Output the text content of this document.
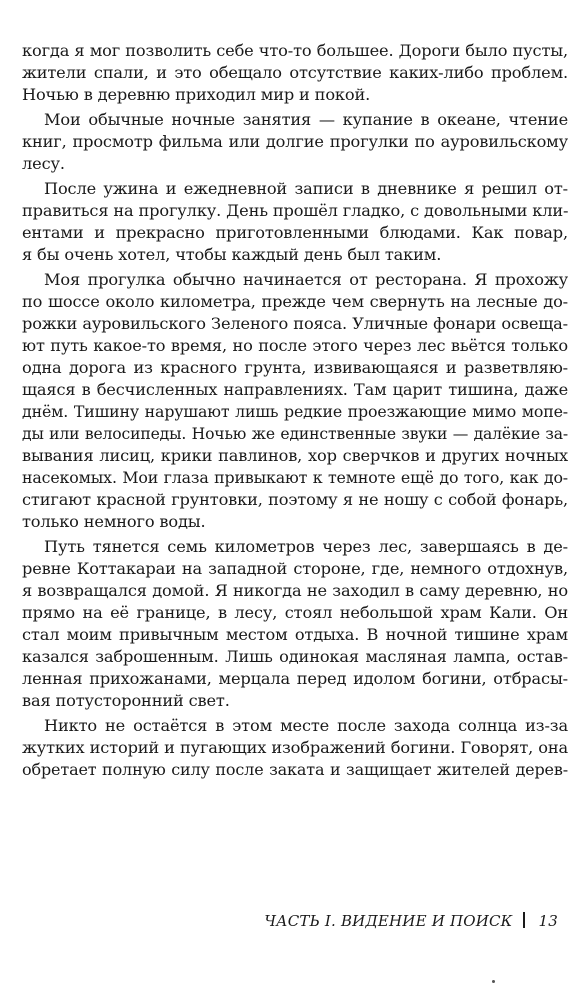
когда я мог позволить себе что-то большее. Дороги было пусты,
жители спали, и это обещало отсутствие каких-либо проблем.
Ночью в деревню приходил мир и покой.
Мои обычные ночные занятия — купание в океане, чтение
книг, просмотр фильма или долгие прогулки по ауровильскому
лесу.
После ужина и ежедневной записи в дневнике я решил от-
правиться на прогулку. День прошёл гладко, с довольными кли-
ентами и прекрасно приготовленными блюдами. Как повар,
я бы очень хотел, чтобы каждый день был таким.
Моя прогулка обычно начинается от ресторана. Я прохожу
по шоссе около километра, прежде чем свернуть на лесные до-
рожки ауровильского Зеленого пояса. Уличные фонари освеща-
ют путь какое-то время, но после этого через лес вьётся только
одна дорога из красного грунта, извивающаяся и разветвляю-
щаяся в бесчисленных направлениях. Там царит тишина, даже
днём. Тишину нарушают лишь редкие проезжающие мимо мопе-
ды или велосипеды. Ночью же единственные звуки — далёкие за-
вывания лисиц, крики павлинов, хор сверчков и других ночных
насекомых. Мои глаза привыкают к темноте ещё до того, как до-
стигают красной грунтовки, поэтому я не ношу с собой фонарь,
только немного воды.
Путь тянется семь километров через лес, завершаясь в де-
ревне Коттакараи на западной стороне, где, немного отдохнув,
я возвращался домой. Я никогда не заходил в саму деревню, но
прямо на её границе, в лесу, стоял небольшой храм Кали. Он
стал моим привычным местом отдыха. В ночной тишине храм
казался заброшенным. Лишь одинокая масляная лампа, остав-
ленная прихожанами, мерцала перед идолом богини, отбрасы-
вая потусторонний свет.
Никто не остаётся в этом месте после захода солнца из-за
жутких историй и пугающих изображений богини. Говорят, она
обретает полную силу после заката и защищает жителей дерев-
ЧАСТЬ I. ВИДЕНИЕ И ПОИСК 13
